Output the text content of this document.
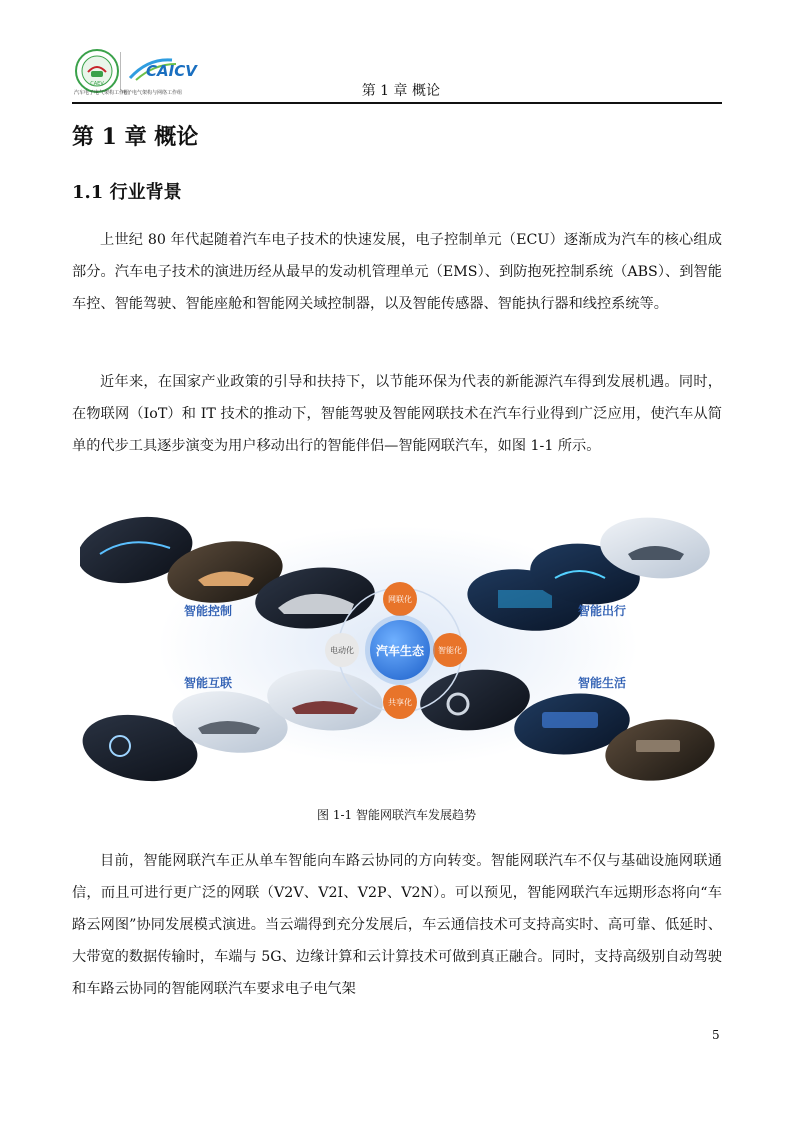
CAEV
CAICV
汽车电子电气架构工作组
电子电气架构与网络工作组	第 1 章 概论
第 1 章 概论
1.1 行业背景

上世纪 80 年代起随着汽车电子技术的快速发展，电子控制单元（ECU）逐渐成为汽车的核心组成部分。汽车电子技术的演进历经从最早的发动机管理单元（EMS）、到防抱死控制系统（ABS）、到智能车控、智能驾驶、智能座舱和智能网关域控制器，以及智能传感器、智能执行器和线控系统等。

近年来，在国家产业政策的引导和扶持下，以节能环保为代表的新能源汽车得到发展机遇。同时，在物联网（IoT）和 IT 技术的推动下，智能驾驶及智能网联技术在汽车行业得到广泛应用，使汽车从简单的代步工具逐步演变为用户移动出行的智能伴侣—智能网联汽车，如图 1-1 所示。

智能控制	智能出行
智能互联	智能生活
网联化
电动化	智能化
共享化
汽车生态
图 1-1 智能网联汽车发展趋势

目前，智能网联汽车正从单车智能向车路云协同的方向转变。智能网联汽车不仅与基础设施网联通信，而且可进行更广泛的网联（V2V、V2I、V2P、V2N）。可以预见，智能网联汽车远期形态将向“车路云网图”协同发展模式演进。当云端得到充分发展后，车云通信技术可支持高实时、高可靠、低延时、大带宽的数据传输时，车端与 5G、边缘计算和云计算技术可做到真正融合。同时，支持高级别自动驾驶和车路云协同的智能网联汽车要求电子电气架

5
